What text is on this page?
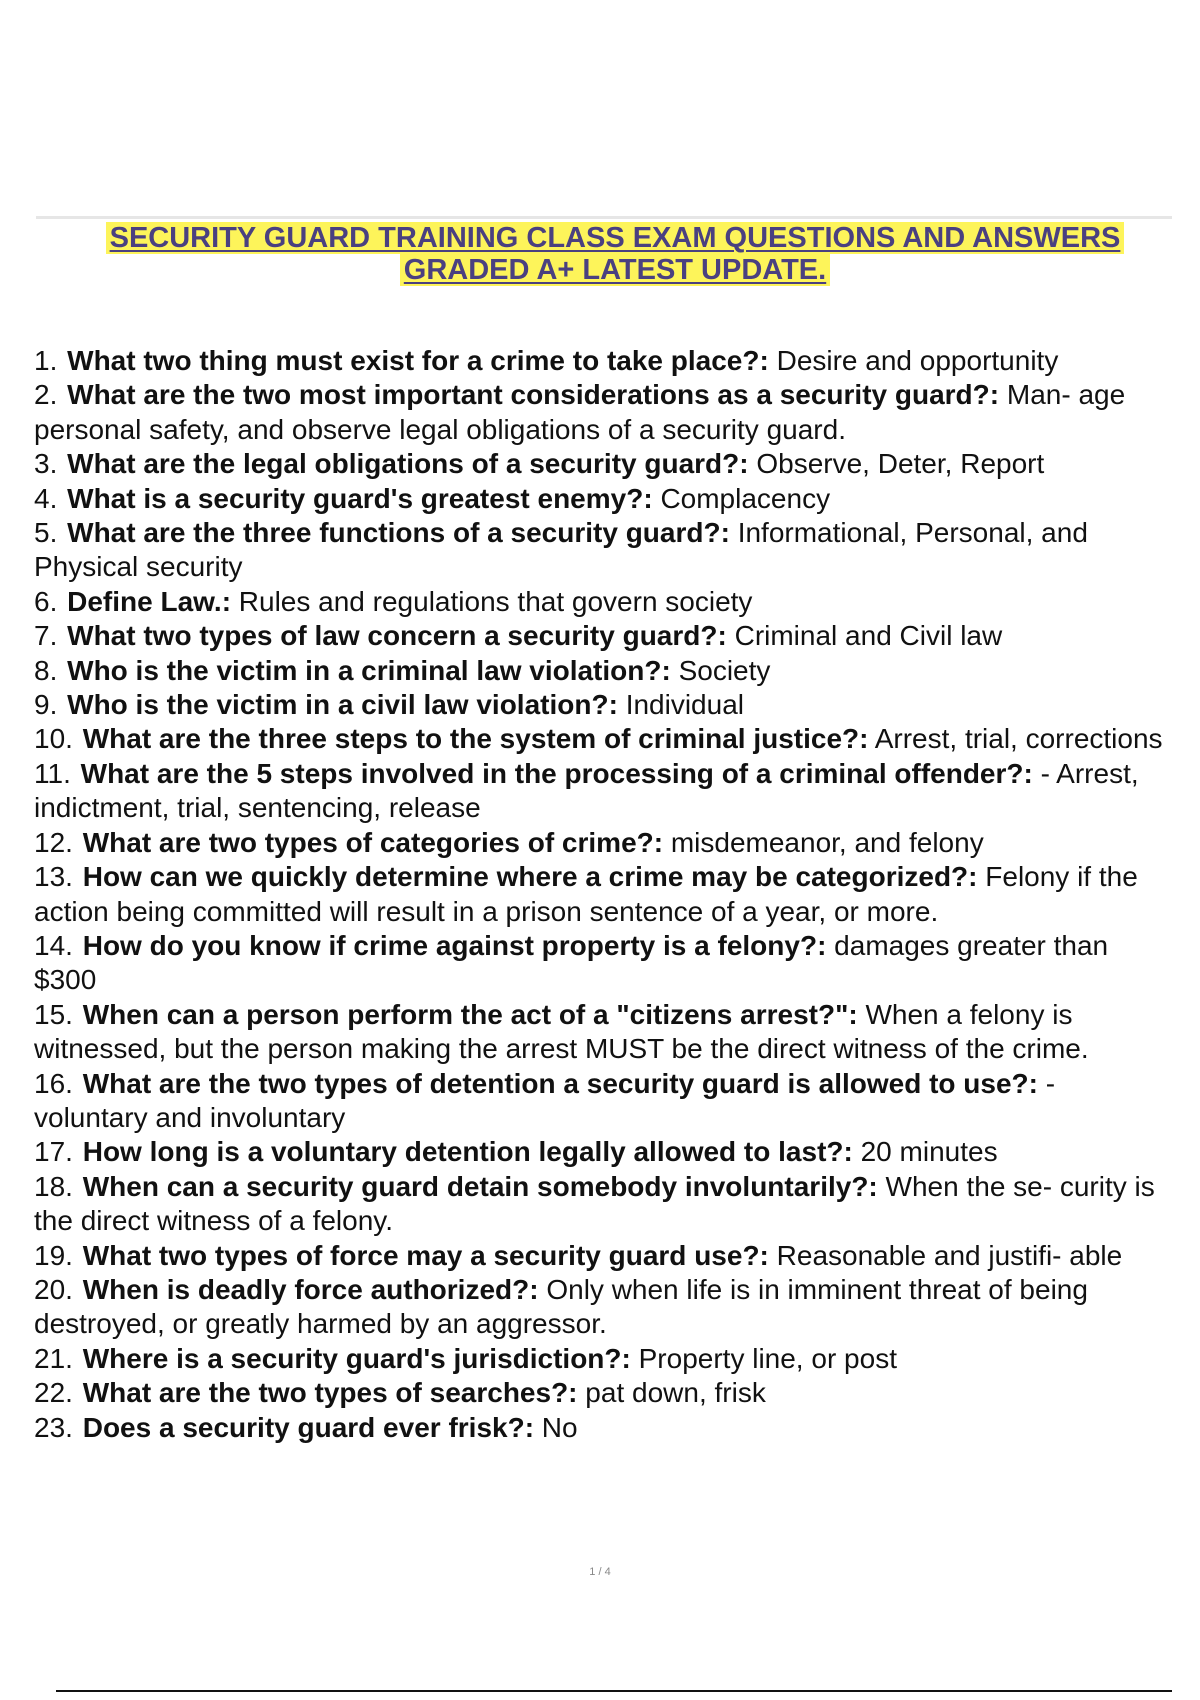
SECURITY GUARD TRAINING CLASS EXAM QUESTIONS AND ANSWERS
GRADED A+ LATEST UPDATE.
1. What two thing must exist for a crime to take place?: Desire and opportunity
2. What are the two most important considerations as a security guard?: Man- age personal safety, and observe legal obligations of a security guard.
3. What are the legal obligations of a security guard?: Observe, Deter, Report
4. What is a security guard's greatest enemy?: Complacency
5. What are the three functions of a security guard?: Informational, Personal, and Physical security
6. Define Law.: Rules and regulations that govern society
7. What two types of law concern a security guard?: Criminal and Civil law
8. Who is the victim in a criminal law violation?: Society
9. Who is the victim in a civil law violation?: Individual
10. What are the three steps to the system of criminal justice?: Arrest, trial, corrections
11. What are the 5 steps involved in the processing of a criminal offender?: - Arrest, indictment, trial, sentencing, release
12. What are two types of categories of crime?: misdemeanor, and felony
13. How can we quickly determine where a crime may be categorized?: Felony if the action being committed will result in a prison sentence of a year, or more.
14. How do you know if crime against property is a felony?: damages greater than $300
15. When can a person perform the act of a "citizens arrest?": When a felony is witnessed, but the person making the arrest MUST be the direct witness of the crime.
16. What are the two types of detention a security guard is allowed to use?: - voluntary and involuntary
17. How long is a voluntary detention legally allowed to last?: 20 minutes
18. When can a security guard detain somebody involuntarily?: When the se- curity is the direct witness of a felony.
19. What two types of force may a security guard use?: Reasonable and justifi- able
20. When is deadly force authorized?: Only when life is in imminent threat of being destroyed, or greatly harmed by an aggressor.
21. Where is a security guard's jurisdiction?: Property line, or post
22. What are the two types of searches?: pat down, frisk
23. Does a security guard ever frisk?: No
1 / 4
